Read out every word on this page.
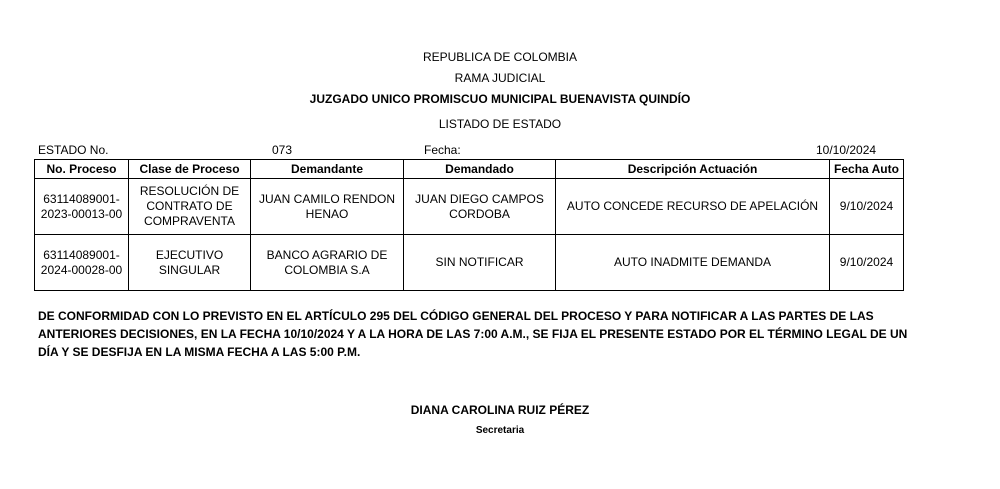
REPUBLICA DE COLOMBIA
RAMA JUDICIAL
JUZGADO UNICO PROMISCUO MUNICIPAL BUENAVISTA QUINDÍO
LISTADO DE ESTADO
ESTADO No.	073	Fecha:	10/10/2024
No. Proceso	Clase de Proceso	Demandante	Demandado	Descripción Actuación	Fecha Auto
63114089001-2023-00013-00	RESOLUCIÓN DE CONTRATO DE COMPRAVENTA	JUAN CAMILO RENDON HENAO	JUAN DIEGO CAMPOS CORDOBA	AUTO CONCEDE RECURSO DE APELACIÓN	9/10/2024
63114089001-2024-00028-00	EJECUTIVO SINGULAR	BANCO AGRARIO DE COLOMBIA S.A	SIN NOTIFICAR	AUTO INADMITE DEMANDA	9/10/2024
DE CONFORMIDAD CON LO PREVISTO EN EL ARTÍCULO 295 DEL CÓDIGO GENERAL DEL PROCESO Y PARA NOTIFICAR A LAS PARTES DE LAS ANTERIORES DECISIONES, EN LA FECHA 10/10/2024 Y A LA HORA DE LAS 7:00 A.M., SE FIJA EL PRESENTE ESTADO POR EL TÉRMINO LEGAL DE UN DÍA Y SE DESFIJA EN LA MISMA FECHA A LAS 5:00 P.M.
DIANA CAROLINA RUIZ PÉREZ
Secretaria
